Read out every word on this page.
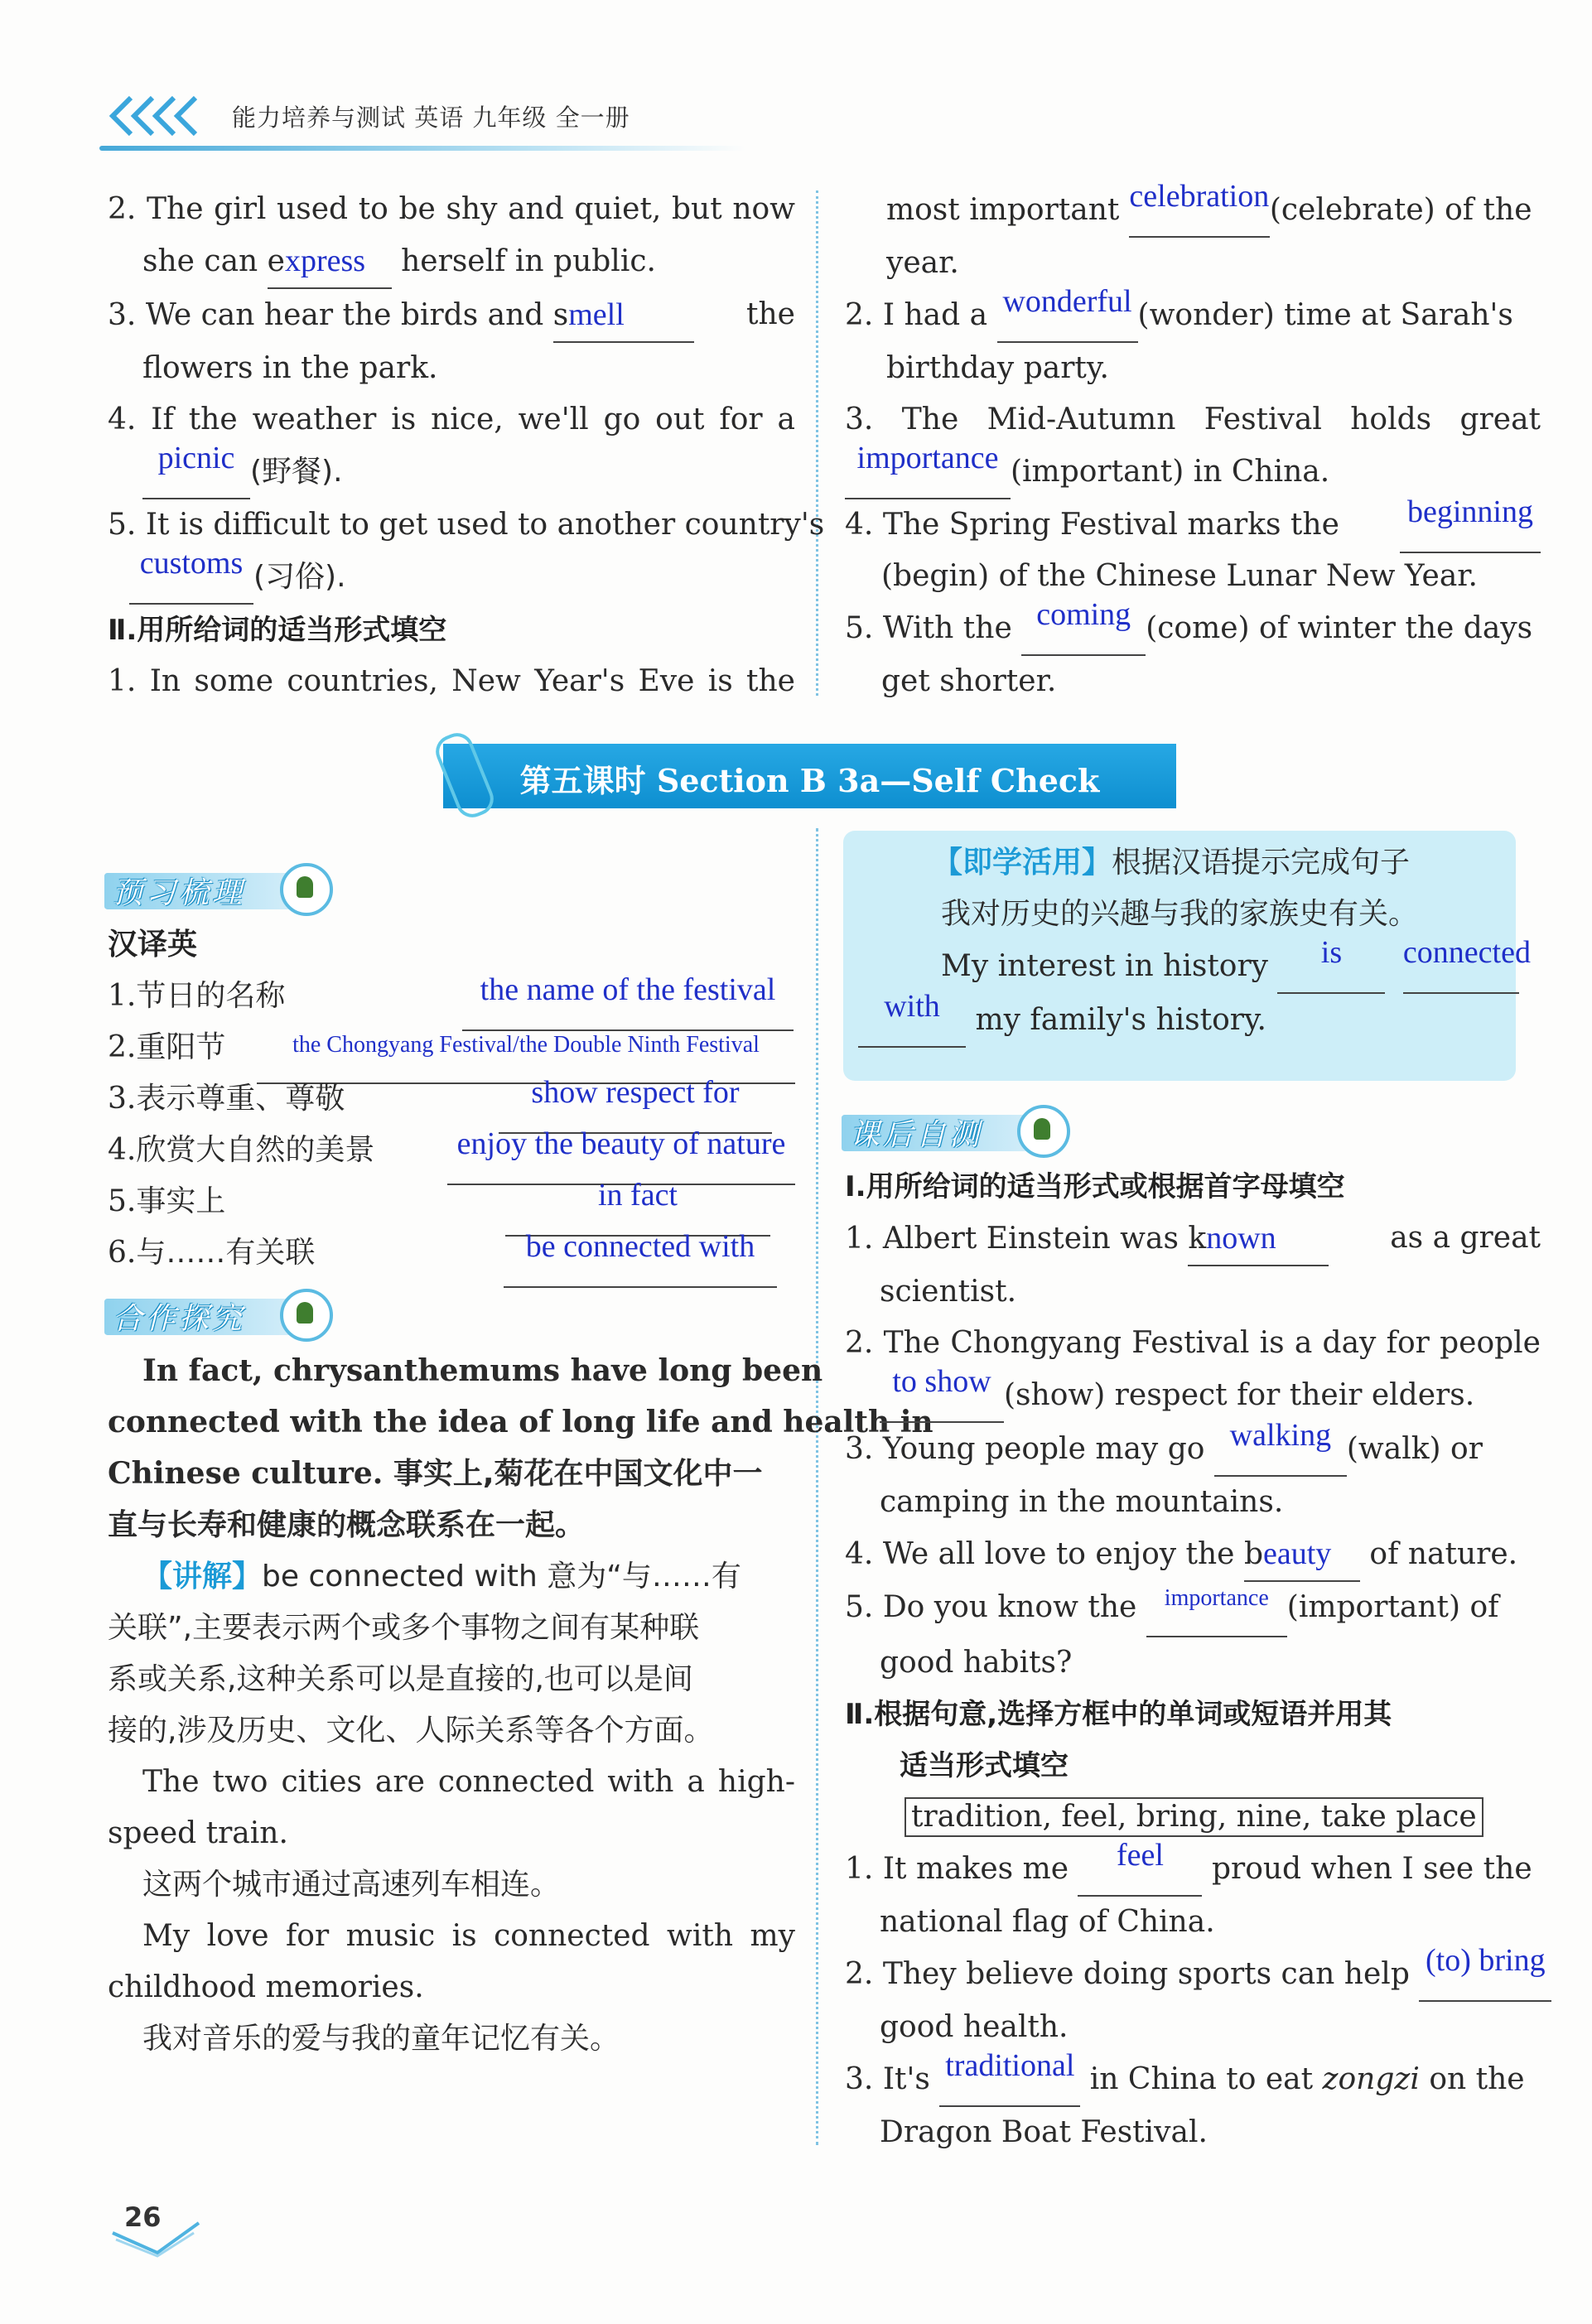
能力培养与测试 英语 九年级 全一册
2. The girl used to be shy and quiet, but now
she can express herself in public.
3. We can hear the birds and smell	the
flowers in the park.
4. If the weather is nice, we'll go out for a
picnic (野餐).
5. It is difficult to get used to another country's
customs (习俗).
Ⅱ.用所给词的适当形式填空
1. In some countries, New Year's Eve is the
most important celebration(celebrate) of the
year.
2. I had a wonderful (wonder) time at Sarah's
birthday party.
3. The Mid-Autumn Festival holds great
importance (important) in China.
4. The Spring Festival marks the beginning
(begin) of the Chinese Lunar New Year.
5. With the coming (come) of winter the days
get shorter.
第五课时 Section B 3a—Self Check
预习梳理
汉译英
1.节日的名称	the name of the festival
2.重阳节	$^{the Chongyang Festival/the Double Ninth Festival}$
3.表示尊重、尊敬	show respect for
4.欣赏大自然的美景	enjoy the beauty of nature
5.事实上	in fact
6.与……有关联	be connected with
合作探究
In fact, chrysanthemums have long been
connected with the idea of long life and health in
Chinese culture. 事实上,菊花在中国文化中一
直与长寿和健康的概念联系在一起。
【讲解】be connected with 意为“与……有
关联”,主要表示两个或多个事物之间有某种联
系或关系,这种关系可以是直接的,也可以是间
接的,涉及历史、文化、人际关系等各个方面。
The two cities are connected with a high-
speed train.
这两个城市通过高速列车相连。
My love for music is connected with my
childhood memories.
我对音乐的爱与我的童年记忆有关。
【即学活用】根据汉语提示完成句子
我对历史的兴趣与我的家族史有关。
My interest in history is connected
with my family's history.
课后自测
Ⅰ.用所给词的适当形式或根据首字母填空
1. Albert Einstein was known	as a great
scientist.
2. The Chongyang Festival is a day for people
to show (show) respect for their elders.
3. Young people may go walking (walk) or
camping in the mountains.
4. We all love to enjoy the beauty of nature.
5. Do you know the $^{importance}$ (important) of
good habits?
Ⅱ.根据句意,选择方框中的单词或短语并用其
适当形式填空
tradition, feel, bring, nine, take place
1. It makes me feel proud when I see the
national flag of China.
2. They believe doing sports can help (to) bring
good health.
3. It's traditional in China to eat zongzi on the
Dragon Boat Festival.
26
